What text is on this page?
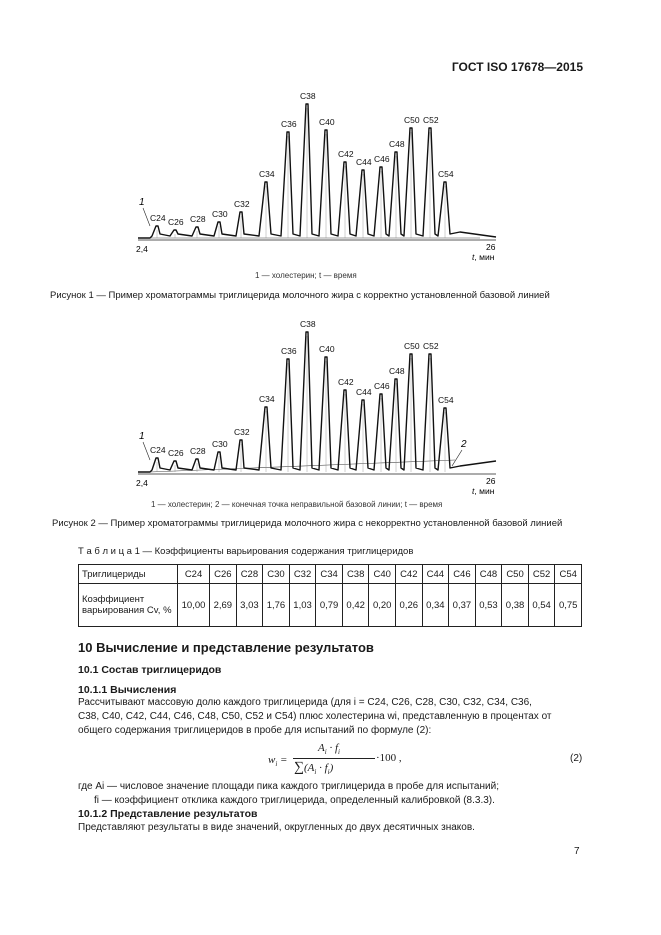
ГОСТ ISO 17678—2015
C24 C26 C28 C30
C32
C34
C36
C38
C40
C42
C44 C46
C48
C50 C52
C54
1
2,4	26
t, мин
C24 C26 C28
C30
C32
C34
C36
C38
C40
C42
C44
C46
C48
C50 C52
C54
1
2
2,4	26
t, мин
1 — холестерин; t — время
Рисунок 1 — Пример хроматограммы триглицерида молочного жира с корректно установленной базовой линией
1 — холестерин; 2 — конечная точка неправильной базовой линии; t — время
Рисунок 2 — Пример хроматограммы триглицерида молочного жира с некорректно установленной базовой линией
Т а б л и ц а 1 — Коэффициенты варьирования содержания триглицеридов
Триглицериды	C24	C26	C28	C30	C32	C34	C38	C40	C42	C44	C46	C48	C50	C52	C54
Коэффициент варьирования Cv, %	10,00	2,69	3,03	1,76	1,03	0,79	0,42	0,20	0,26	0,34	0,37	0,53	0,38	0,54	0,75
10 Вычисление и представление результатов
10.1 Состав триглицеридов
10.1.1 Вычисления
Рассчитывают массовую долю каждого триглицерида (для i = C24, C26, C28, C30, C32, C34, C36,
C38, C40, C42, C44, C46, C48, C50, C52 и C54) плюс холестерина wi, представленную в процентах от
общего содержания триглицеридов в пробе для испытаний по формуле (2):
$w_i$ =
$A_i \cdot f_i$
$\sum(A_i \cdot f_i)$
·100 ,	(2)
где Ai — числовое значение площади пика каждого триглицерида в пробе для испытаний;
fi — коэффициент отклика каждого триглицерида, определенный калибровкой (8.3.3).
10.1.2 Представление результатов
Представляют результаты в виде значений, округленных до двух десятичных знаков.
7
